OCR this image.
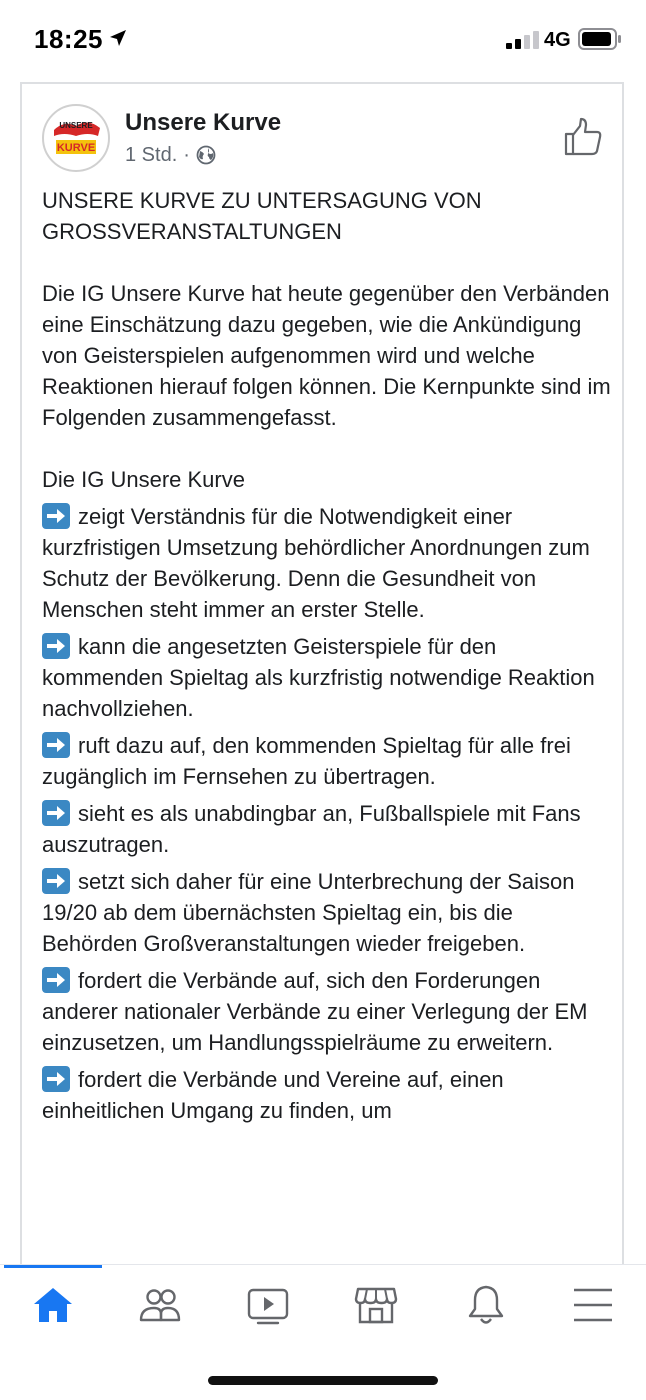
18:25	4G
UNSERE
KURVE
Unsere Kurve
1 Std. ·

UNSERE KURVE ZU UNTERSAGUNG VON GROSSVERANSTALTUNGEN

Die IG Unsere Kurve hat heute gegenüber den Verbänden eine Einschätzung dazu gegeben, wie die Ankündigung von Geisterspielen aufgenommen wird und welche Reaktionen hierauf folgen können. Die Kernpunkte sind im Folgenden zusammengefasst.

Die IG Unsere Kurve

zeigt Verständnis für die Notwendigkeit einer kurzfristigen Umsetzung behördlicher Anordnungen zum Schutz der Bevölkerung. Denn die Gesundheit von Menschen steht immer an erster Stelle.
kann die angesetzten Geisterspiele für den kommenden Spieltag als kurzfristig notwendige Reaktion nachvollziehen.
ruft dazu auf, den kommenden Spieltag für alle frei zugänglich im Fernsehen zu übertragen.
sieht es als unabdingbar an, Fußballspiele mit Fans auszutragen.
setzt sich daher für eine Unterbrechung der Saison 19/20 ab dem übernächsten Spieltag ein, bis die Behörden Großveranstaltungen wieder freigeben.
fordert die Verbände auf, sich den Forderungen anderer nationaler Verbände zu einer Verlegung der EM einzusetzen, um Handlungsspielräume zu erweitern.
fordert die Verbände und Vereine auf, einen einheitlichen Umgang zu finden, um
